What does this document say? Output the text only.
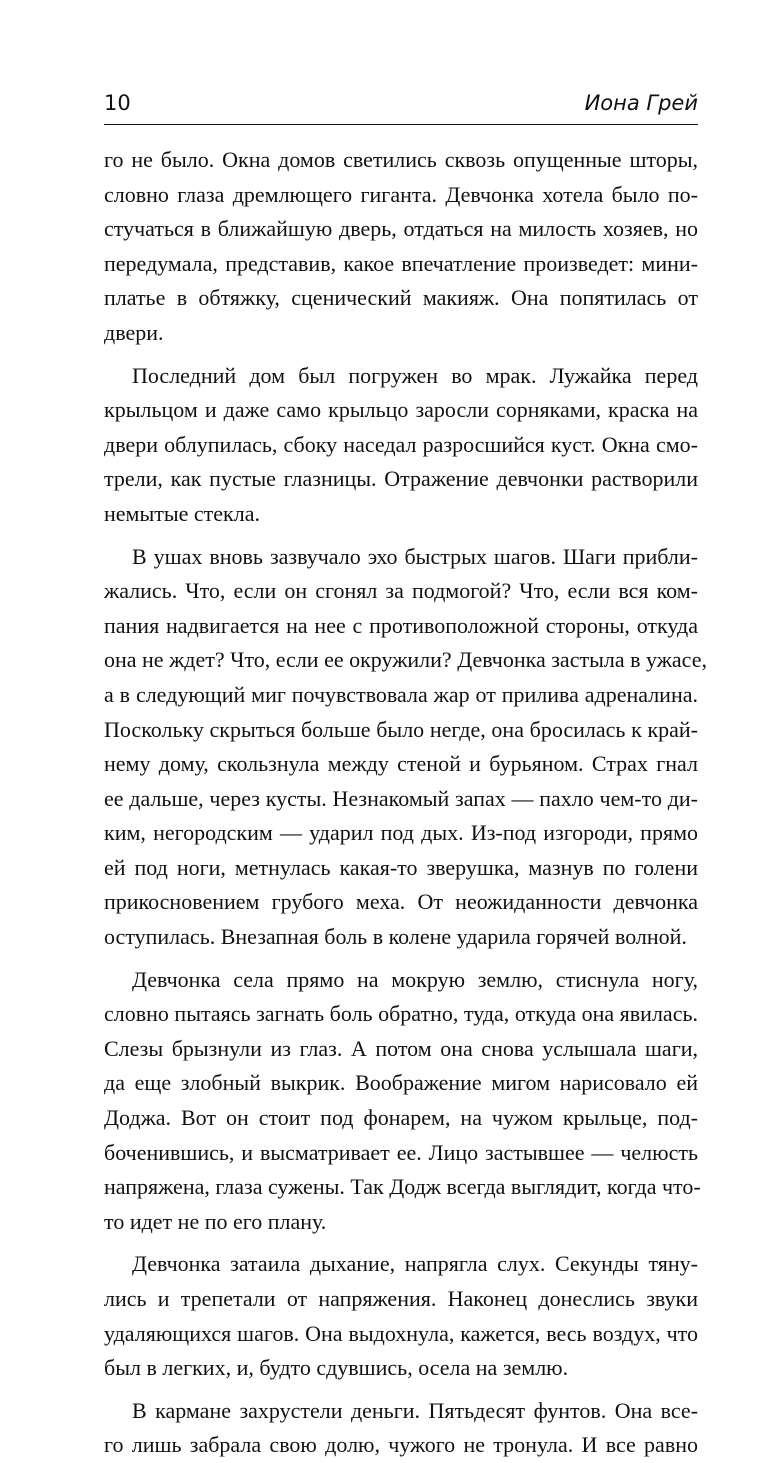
10	Иона Грей
го не было. Окна домов светились сквозь опущенные шторы,
словно глаза дремлющего гиганта. Девчонка хотела было по-
стучаться в ближайшую дверь, отдаться на милость хозяев, но
передумала, представив, какое впечатление произведет: мини-
платье в обтяжку, сценический макияж. Она попятилась от
двери.
Последний дом был погружен во мрак. Лужайка перед
крыльцом и даже само крыльцо заросли сорняками, краска на
двери облупилась, сбоку наседал разросшийся куст. Окна смо-
трели, как пустые глазницы. Отражение девчонки растворили
немытые стекла.
В ушах вновь зазвучало эхо быстрых шагов. Шаги прибли-
жались. Что, если он сгонял за подмогой? Что, если вся ком-
пания надвигается на нее с противоположной стороны, откуда
она не ждет? Что, если ее окружили? Девчонка застыла в ужасе,
а в следующий миг почувствовала жар от прилива адреналина.
Поскольку скрыться больше было негде, она бросилась к край-
нему дому, скользнула между стеной и бурьяном. Страх гнал
ее дальше, через кусты. Незнакомый запах — пахло чем-то ди-
ким, негородским — ударил под дых. Из-под изгороди, прямо
ей под ноги, метнулась какая-то зверушка, мазнув по голени
прикосновением грубого меха. От неожиданности девчонка
оступилась. Внезапная боль в колене ударила горячей волной.
Девчонка села прямо на мокрую землю, стиснула ногу,
словно пытаясь загнать боль обратно, туда, откуда она явилась.
Слезы брызнули из глаз. А потом она снова услышала шаги,
да еще злобный выкрик. Воображение мигом нарисовало ей
Доджа. Вот он стоит под фонарем, на чужом крыльце, под-
боченившись, и высматривает ее. Лицо застывшее — челюсть
напряжена, глаза сужены. Так Додж всегда выглядит, когда что-
то идет не по его плану.
Девчонка затаила дыхание, напрягла слух. Секунды тяну-
лись и трепетали от напряжения. Наконец донеслись звуки
удаляющихся шагов. Она выдохнула, кажется, весь воздух, что
был в легких, и, будто сдувшись, осела на землю.
В кармане захрустели деньги. Пятьдесят фунтов. Она все-
го лишь забрала свою долю, чужого не тронула. И все равно
